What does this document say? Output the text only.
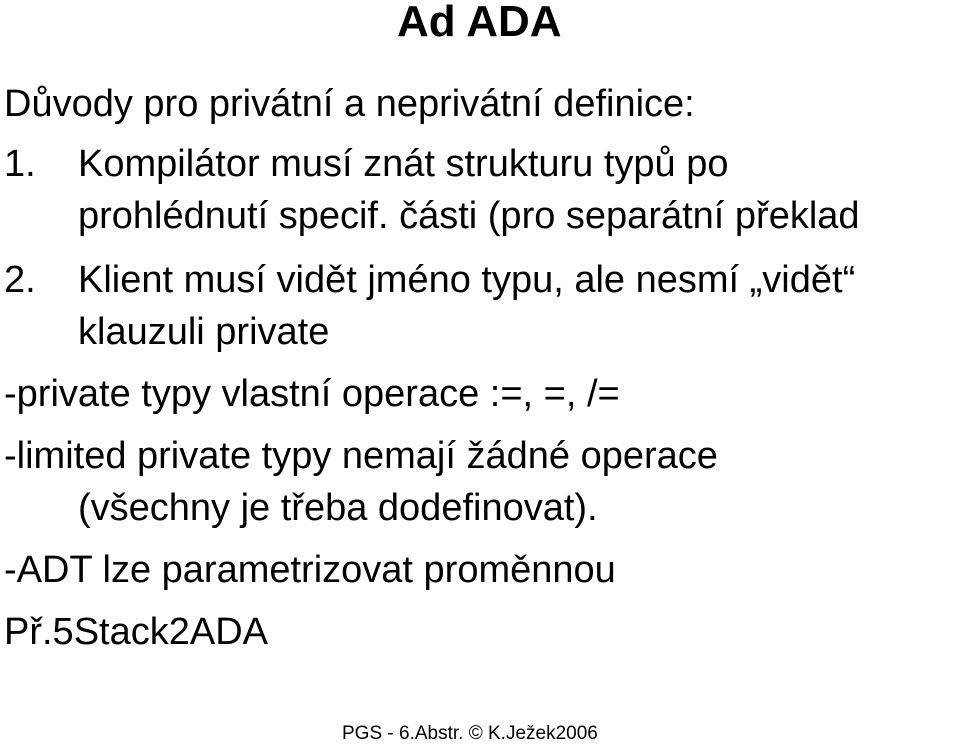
Ad ADA
Důvody pro privátní a neprivátní definice:
1. Kompilátor musí znát strukturu typů po
prohlédnutí specif. části (pro separátní překlad
2. Klient musí vidět jméno typu, ale nesmí „vidět“
klauzuli private
-private typy vlastní operace :=, =, /=
-limited private typy nemají žádné operace
(všechny je třeba dodefinovat).
-ADT lze parametrizovat proměnnou
Př.5Stack2ADA
PGS - 6.Abstr. © K.Ježek2006
